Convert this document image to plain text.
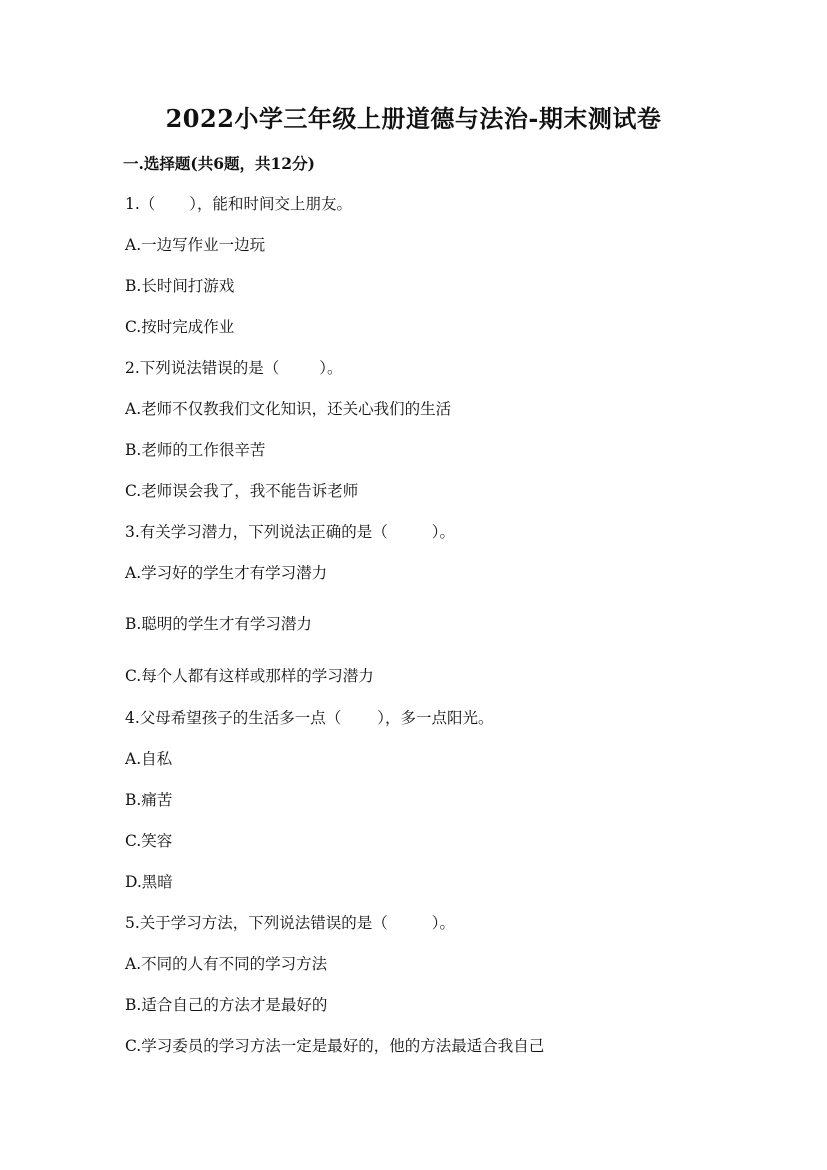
2022小学三年级上册道德与法治-期末测试卷
一.选择题(共6题，共12分)
1.（ ），能和时间交上朋友。
A.一边写作业一边玩
B.长时间打游戏
C.按时完成作业
2.下列说法错误的是（	）。
A.老师不仅教我们文化知识，还关心我们的生活
B.老师的工作很辛苦
C.老师误会我了，我不能告诉老师
3.有关学习潜力，下列说法正确的是（	）。
A.学习好的学生才有学习潜力
B.聪明的学生才有学习潜力
C.每个人都有这样或那样的学习潜力
4.父母希望孩子的生活多一点（ ），多一点阳光。
A.自私
B.痛苦
C.笑容
D.黑暗
5.关于学习方法，下列说法错误的是（	）。
A.不同的人有不同的学习方法
B.适合自己的方法才是最好的
C.学习委员的学习方法一定是最好的，他的方法最适合我自己
